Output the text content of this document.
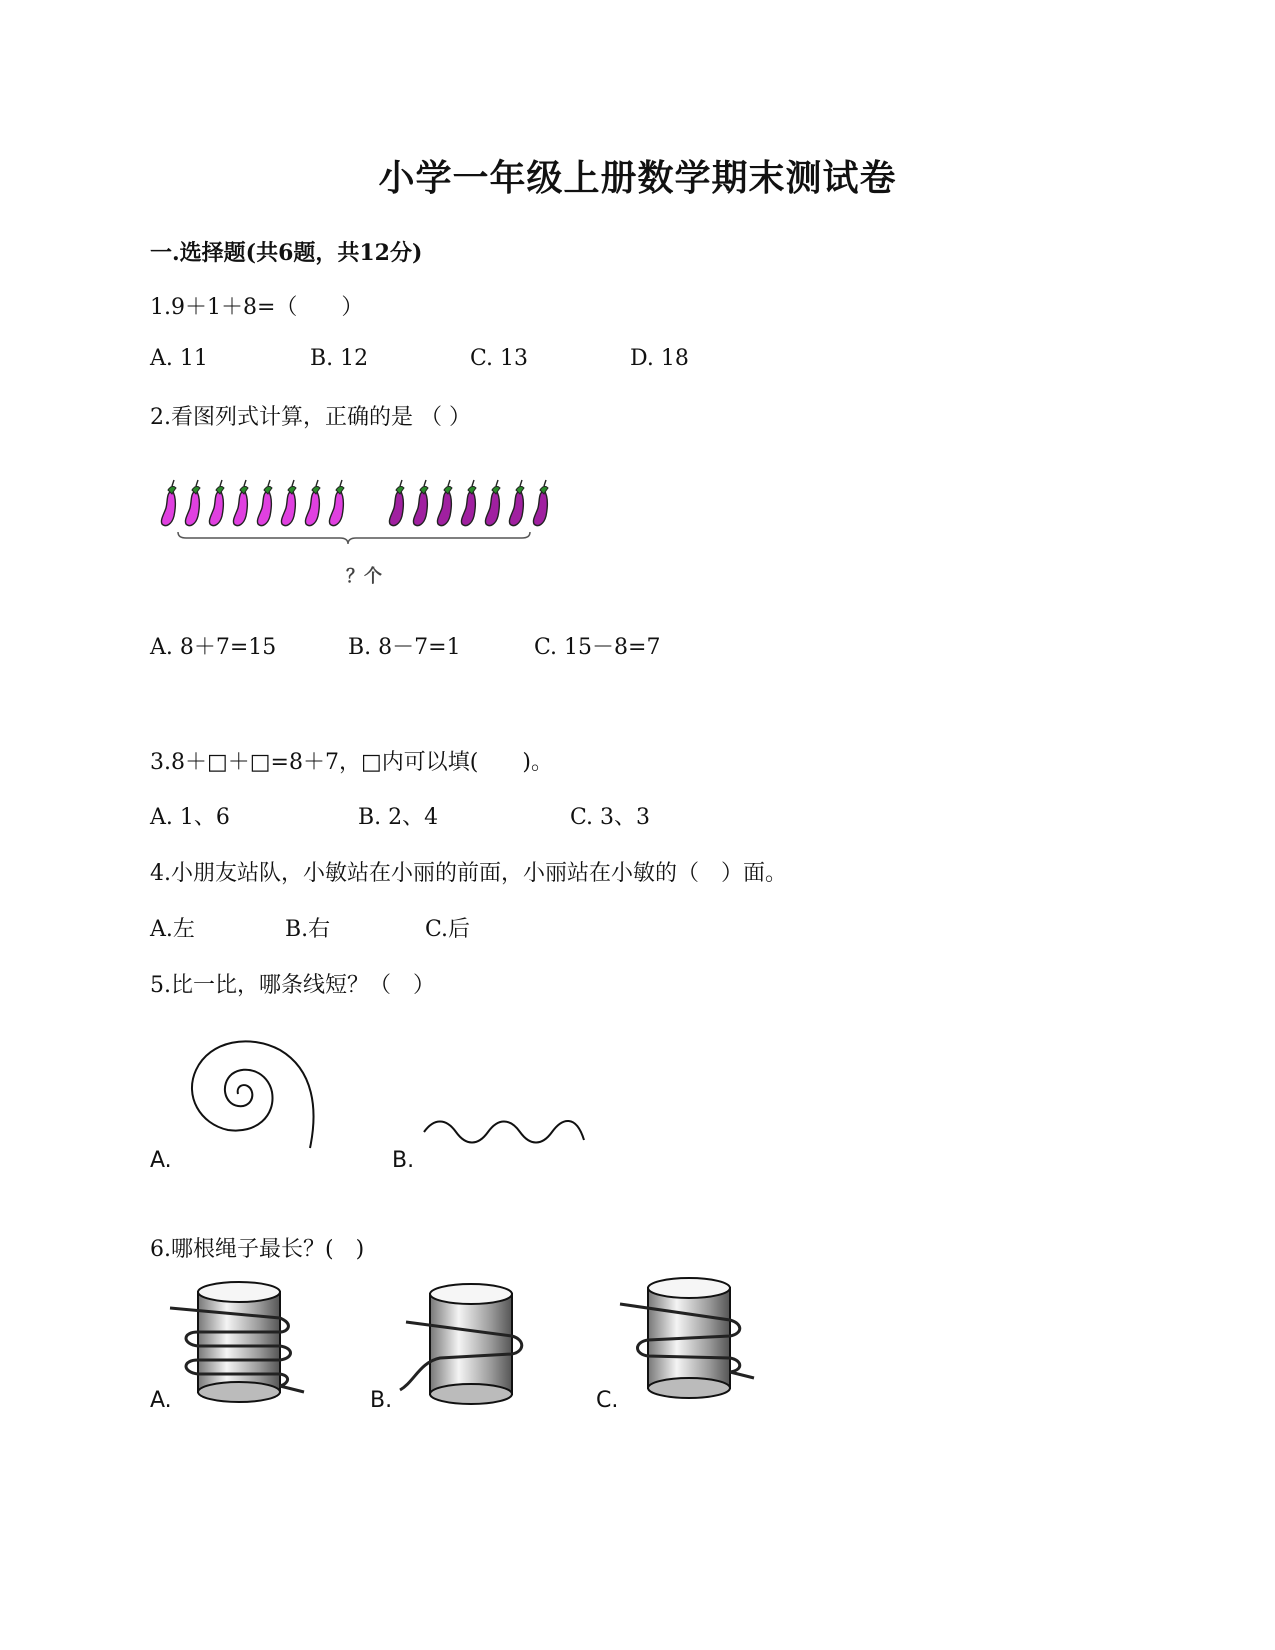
小学一年级上册数学期末测试卷
一.选择题(共6题，共12分)
1.9＋1＋8=（　　）
A. 11	B. 12	C. 13	D. 18
2.看图列式计算，正确的是 （ ）
？个
A. 8＋7=15	B. 8－7=1	C. 15－8=7
3.8＋□＋□=8＋7，□内可以填(　　)。
A. 1、6	B. 2、4	C. 3、3
4.小朋友站队，小敏站在小丽的前面，小丽站在小敏的（　）面。
A.左	B.右	C.后
5.比一比，哪条线短？（　）
A.	B.
6.哪根绳子最长？(　)
A.	B.	C.
